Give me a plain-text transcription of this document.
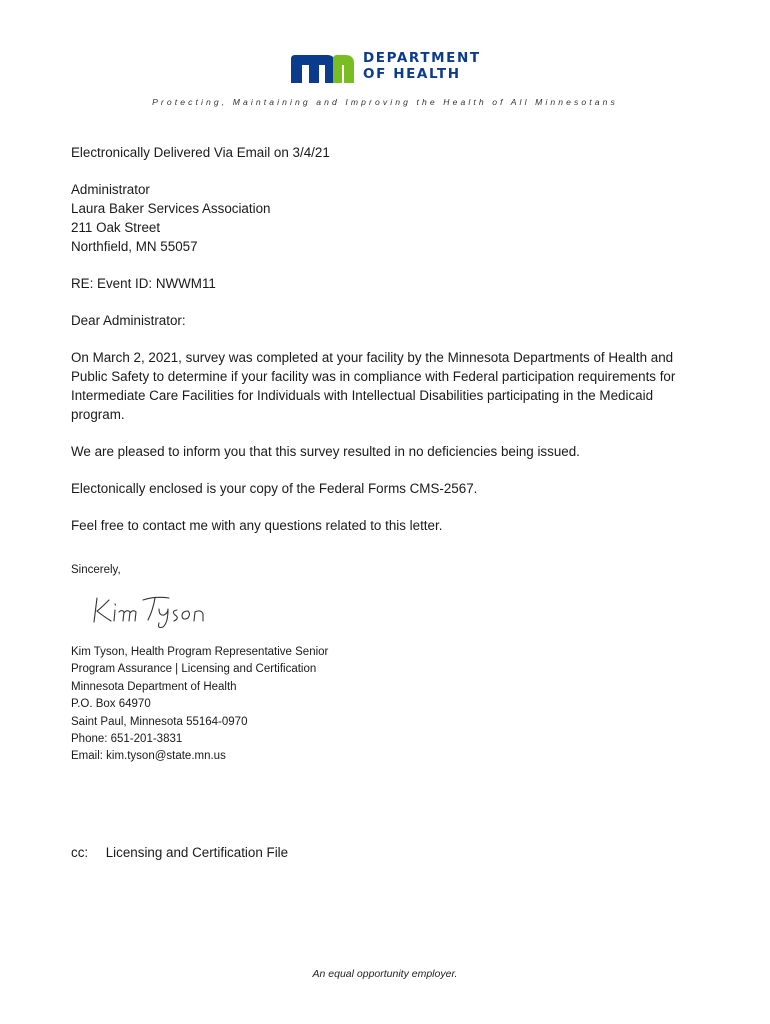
DEPARTMENT
OF HEALTH
Protecting, Maintaining and Improving the Health of All Minnesotans
Electronically Delivered Via Email on 3/4/21
Administrator
Laura Baker Services Association
211 Oak Street
Northfield, MN 55057
RE: Event ID: NWWM11
Dear Administrator:
On March 2, 2021, survey was completed at your facility by the Minnesota Departments of Health and
Public Safety to determine if your facility was in compliance with Federal participation requirements for
Intermediate Care Facilities for Individuals with Intellectual Disabilities participating in the Medicaid
program.
We are pleased to inform you that this survey resulted in no deficiencies being issued.
Electonically enclosed is your copy of the Federal Forms CMS-2567.
Feel free to contact me with any questions related to this letter.
Sincerely,
Kim Tyson, Health Program Representative Senior
Program Assurance | Licensing and Certification
Minnesota Department of Health
P.O. Box 64970
Saint Paul, Minnesota 55164-0970
Phone: 651-201-3831
Email: kim.tyson@state.mn.us
cc: Licensing and Certification File
An equal opportunity employer.
